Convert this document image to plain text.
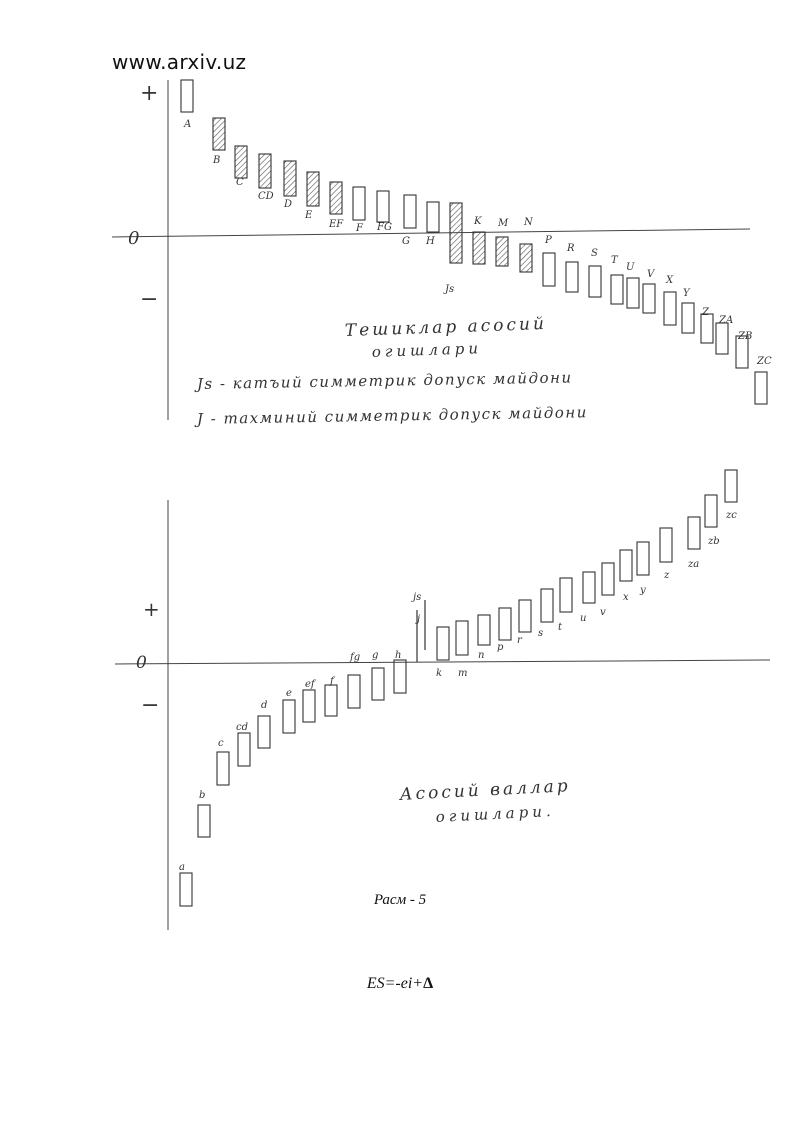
www.arxiv.uz
+
0
−
A
B
C
CD
D
E
EF F FG
G H
Js
K M N
P
R S
T
U
V
X
Y
Z
ZA
ZB
ZC
Тешиклар асосий
огишлари
Js - катъий симметрик допуск майдони
J - тахминий симметрик допуск майдони
+
0
−
a
b
c
cd
d
e
ef f
fg g h
js
j
k m
n
p
r
s
t
u
v
x
y
z
za
zb
zc
Асосий валлар
огишлари.
Расм - 5
ES=-ei+Δ
